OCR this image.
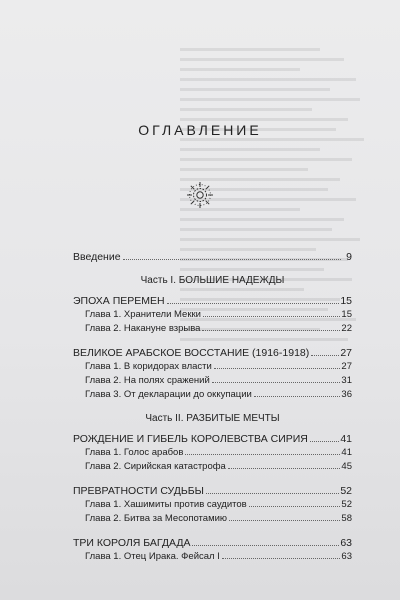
ОГЛАВЛЕНИЕ
Введение	9
Часть I. БОЛЬШИЕ НАДЕЖДЫ
ЭПОХА ПЕРЕМЕН	15
Глава 1. Хранители Мекки	15
Глава 2. Накануне взрыва	22
ВЕЛИКОЕ АРАБСКОЕ ВОССТАНИЕ (1916-1918)	27
Глава 1. В коридорах власти	27
Глава 2. На полях сражений	31
Глава 3. От декларации до оккупации	36
Часть II. РАЗБИТЫЕ МЕЧТЫ
РОЖДЕНИЕ И ГИБЕЛЬ КОРОЛЕВСТВА СИРИЯ	41
Глава 1. Голос арабов	41
Глава 2. Сирийская катастрофа	45
ПРЕВРАТНОСТИ СУДЬБЫ	52
Глава 1. Хашимиты против саудитов	52
Глава 2. Битва за Месопотамию	58
ТРИ КОРОЛЯ БАГДАДА	63
Глава 1. Отец Ирака. Фейсал I	63
